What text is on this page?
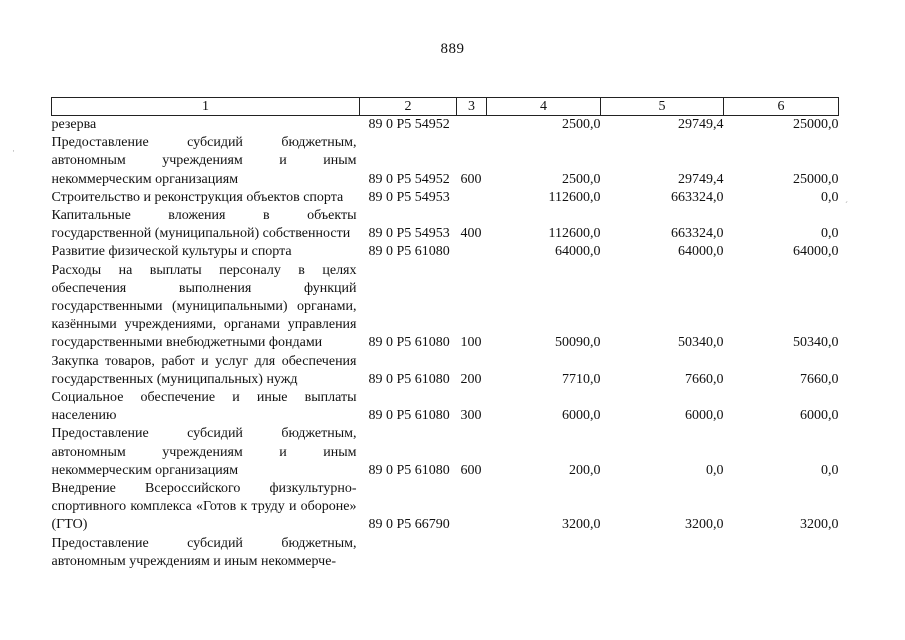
889
1	2	3	4	5	6
резерва	89 0 Р5 54952		2500,0	29749,4	25000,0
Предоставление субсидий бюджетным, автономным учреждениям и иным некоммерческим организациям	89 0 Р5 54952	600	2500,0	29749,4	25000,0
Строительство и реконструкция объектов спорта	89 0 Р5 54953		112600,0	663324,0	0,0
Капитальные вложения в объекты государственной (муниципальной) собственности	89 0 Р5 54953	400	112600,0	663324,0	0,0
Развитие физической культуры и спорта	89 0 Р5 61080		64000,0	64000,0	64000,0
Расходы на выплаты персоналу в целях обеспечения выполнения функций государственными (муниципальными) органами, казёнными учреждениями, органами управления государственными внебюджетными фондами	89 0 Р5 61080	100	50090,0	50340,0	50340,0
Закупка товаров, работ и услуг для обеспечения государственных (муниципальных) нужд	89 0 Р5 61080	200	7710,0	7660,0	7660,0
Социальное обеспечение и иные выплаты населению	89 0 Р5 61080	300	6000,0	6000,0	6000,0
Предоставление субсидий бюджетным, автономным учреждениям и иным некоммерческим организациям	89 0 Р5 61080	600	200,0	0,0	0,0
Внедрение Всероссийского физкультурно-спортивного комплекса «Готов к труду и обороне» (ГТО)	89 0 Р5 66790		3200,0	3200,0	3200,0
Предоставление субсидий бюджетным, автономным учреждениям и иным некоммерче-					
·
ˊ
